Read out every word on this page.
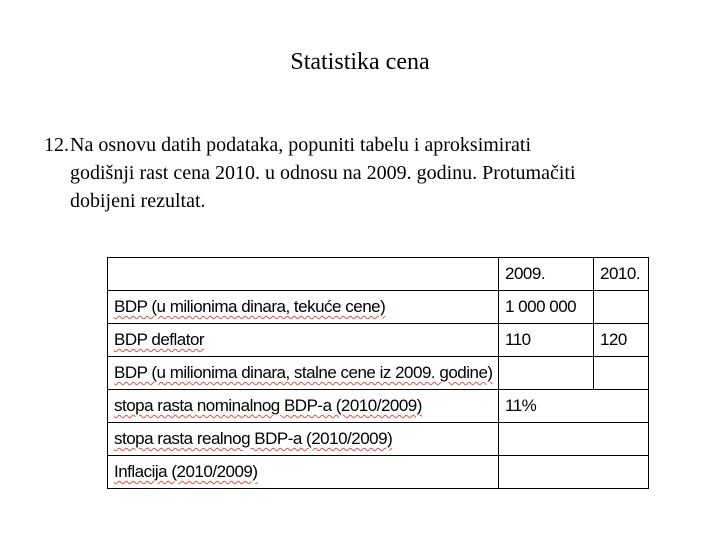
Statistika cena
12.Na osnovu datih podataka, popuniti tabelu i aproksimirati
godišnji rast cena 2010. u odnosu na 2009. godinu. Protumačiti
dobijeni rezultat.
	2009.	2010.
BDP (u milionima dinara, tekuće cene)	1 000 000	
BDP deflator	110	120
BDP (u milionima dinara, stalne cene iz 2009. godine)		
stopa rasta nominalnog BDP-a (2010/2009)	11%	
stopa rasta realnog BDP-a (2010/2009)		
Inflacija (2010/2009)		
